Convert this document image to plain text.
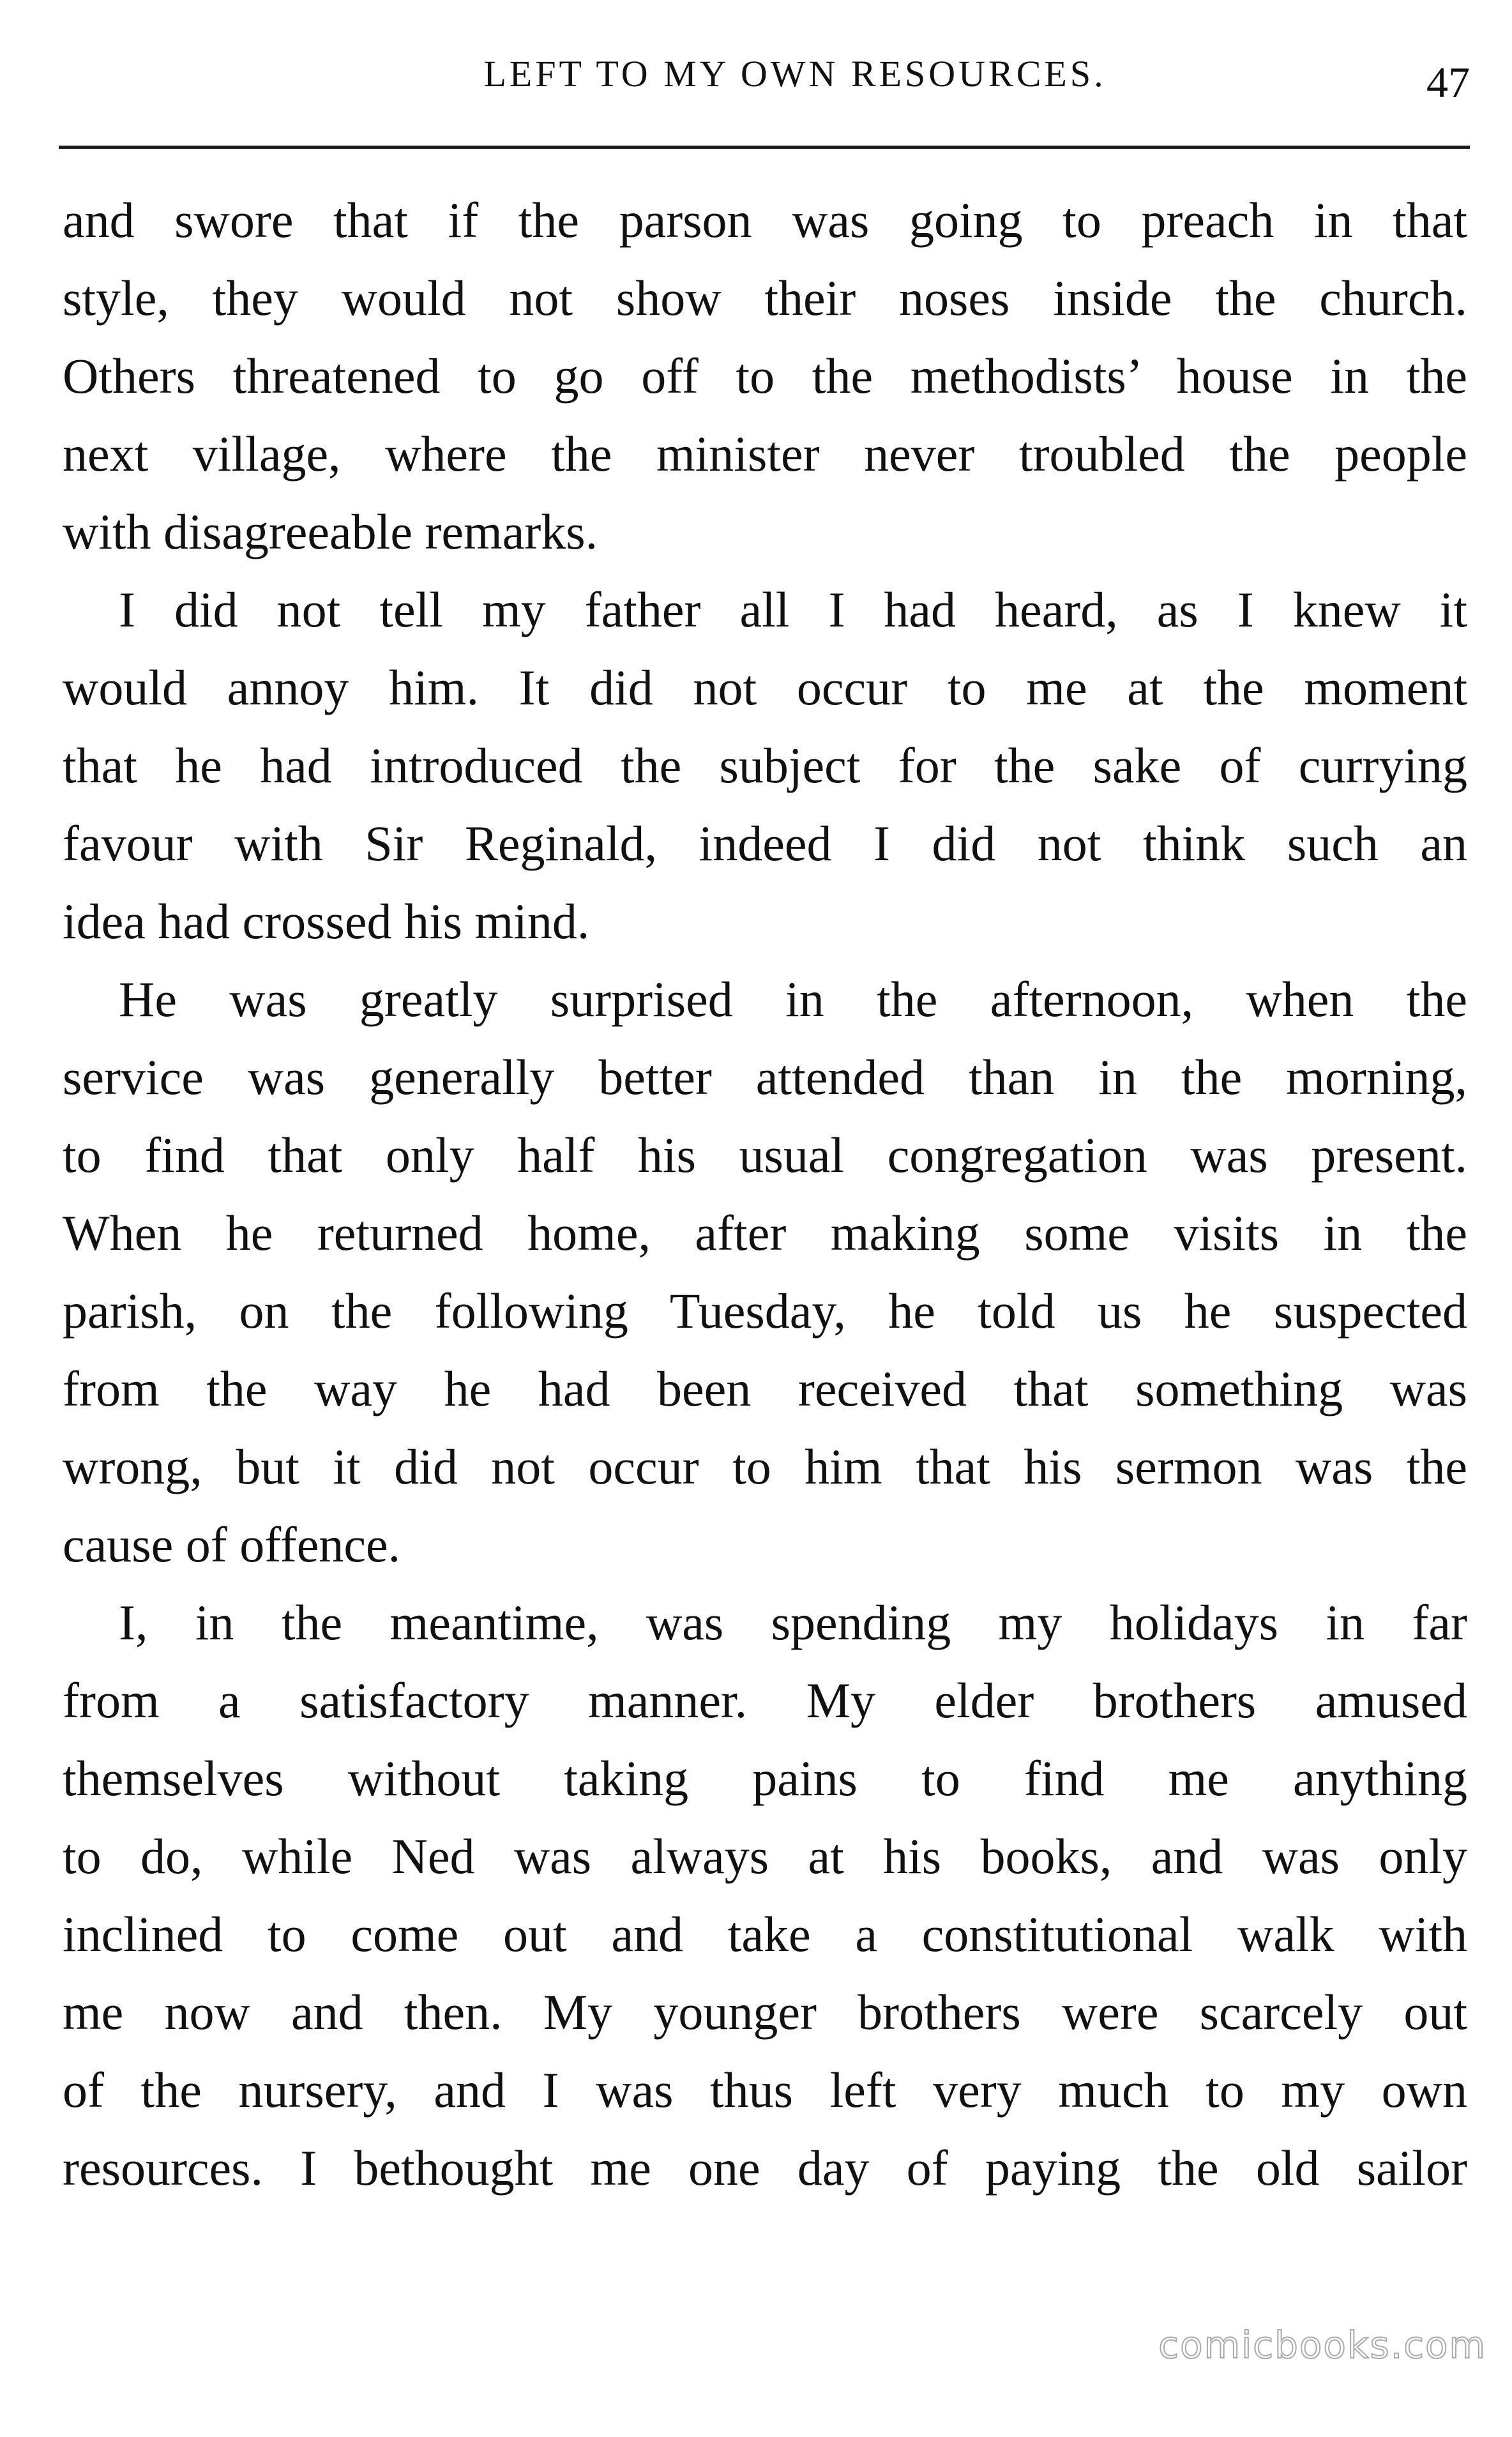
LEFT TO MY OWN RESOURCES.	47
and swore that if the parson was going to preach in that
style, they would not show their noses inside the church.
Others threatened to go off to the methodists’ house in the
next village, where the minister never troubled the people
with disagreeable remarks.
I did not tell my father all I had heard, as I knew it
would annoy him. It did not occur to me at the moment
that he had introduced the subject for the sake of currying
favour with Sir Reginald, indeed I did not think such an
idea had crossed his mind.
He was greatly surprised in the afternoon, when the
service was generally better attended than in the morning,
to find that only half his usual congregation was present.
When he returned home, after making some visits in the
parish, on the following Tuesday, he told us he suspected
from the way he had been received that something was
wrong, but it did not occur to him that his sermon was the
cause of offence.
I, in the meantime, was spending my holidays in far
from a satisfactory manner. My elder brothers amused
themselves without taking pains to find me anything
to do, while Ned was always at his books, and was only
inclined to come out and take a constitutional walk with
me now and then. My younger brothers were scarcely out
of the nursery, and I was thus left very much to my own
resources. I bethought me one day of paying the old sailor
comicbooks.com
